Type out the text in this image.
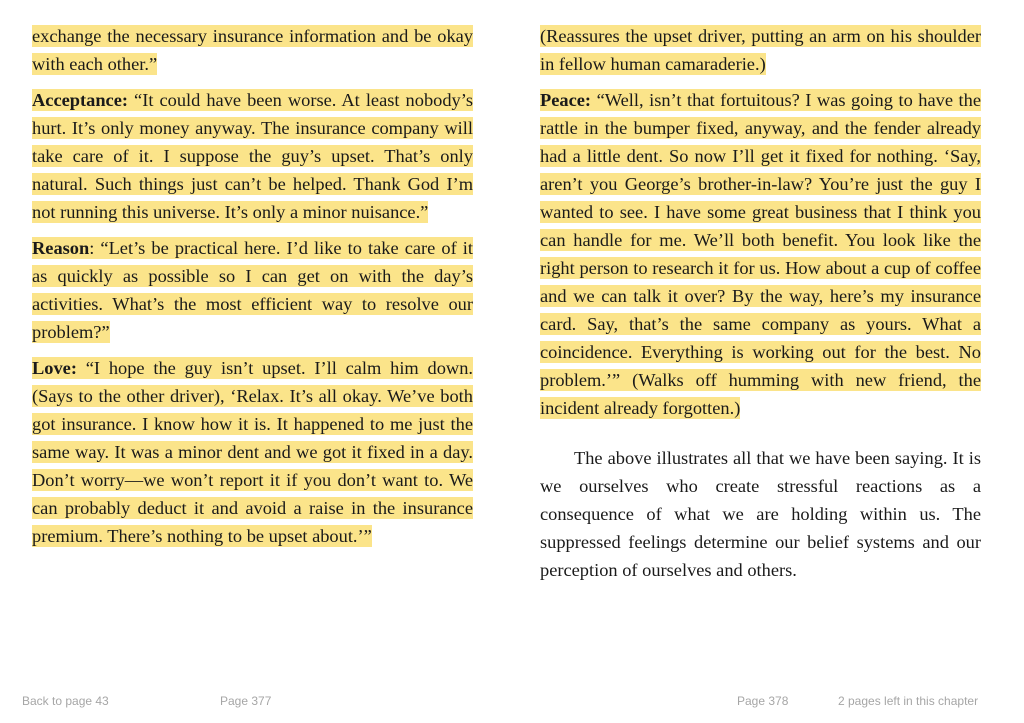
exchange the necessary insurance information and be okay with each other.”

Acceptance: “It could have been worse. At least nobody’s hurt. It’s only money anyway. The insurance company will take care of it. I suppose the guy’s upset. That’s only natural. Such things just can’t be helped. Thank God I’m not running this universe. It’s only a minor nuisance.”

Reason: “Let’s be practical here. I’d like to take care of it as quickly as possible so I can get on with the day’s activities. What’s the most efficient way to resolve our problem?”

Love: “I hope the guy isn’t upset. I’ll calm him down. (Says to the other driver), ‘Relax. It’s all okay. We’ve both got insurance. I know how it is. It happened to me just the same way. It was a minor dent and we got it fixed in a day. Don’t worry—we won’t report it if you don’t want to. We can probably deduct it and avoid a raise in the insurance premium. There’s nothing to be upset about.’”

(Reassures the upset driver, putting an arm on his shoulder in fellow human camaraderie.)

Peace: “Well, isn’t that fortuitous? I was going to have the rattle in the bumper fixed, anyway, and the fender already had a little dent. So now I’ll get it fixed for nothing. ‘Say, aren’t you George’s brother-in-law? You’re just the guy I wanted to see. I have some great business that I think you can handle for me. We’ll both benefit. You look like the right person to research it for us. How about a cup of coffee and we can talk it over? By the way, here’s my insurance card. Say, that’s the same company as yours. What a coincidence. Everything is working out for the best. No problem.’” (Walks off humming with new friend, the incident already forgotten.)

The above illustrates all that we have been saying. It is we ourselves who create stressful reactions as a consequence of what we are holding within us. The suppressed feelings determine our belief systems and our perception of ourselves and others.

Back to page 43	Page 377	Page 378	2 pages left in this chapter
